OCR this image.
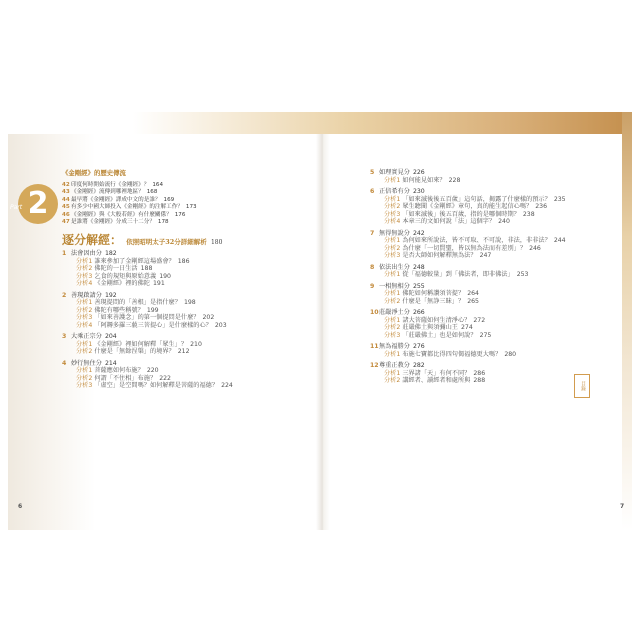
《金剛經》的歷史傳流
42印度何時開始流行《金剛經》？ 164
43《金剛經》流傳到哪裡地區？ 168
44最早將《金剛經》譯成中文的是誰？ 169
45有多少中國大師投入《金剛經》的注解工作？ 173
46《金剛經》與《大般若經》有什麼關係？ 176
47是誰將《金剛經》分成三十二分？ 178
逐分解經： 依照昭明太子32分詳細解析 180
1 法會因由分 182
分析1 誰來參加了金剛經這場盛會？ 186
分析2 佛陀的一日生活 188
分析3 乞食的規矩與原始意義 190
分析4 《金剛經》裡的佛陀 191
2 善現啟請分 192
分析1 善現提問的「善根」是指什麼？ 198
分析2 佛陀有哪些稱號？ 199
分析3 「如來善護念」的第一個提問是什麼？ 202
分析4 「阿耨多羅三藐三菩提心」是什麼樣的心？ 203
3 大乘正宗分 204
分析1 《金剛經》裡如何解釋「眾生」？ 210
分析2 什麼是「無餘涅槃」的境界？ 212
4 妙行無住分 214
分析1 菩薩應如何布施？ 220
分析2 何謂「不住相」布施？ 222
分析3 「虛空」是空間嗎？如何解釋是菩薩的福德？ 224
2
Part
5 如理實見分 226
分析1 如何能見如來？ 228
6 正信希有分 230
分析1 「如來滅後後五百歲」這句話，揭露了什麼樣的預示？ 235
分析2 眾生聽聞《金剛經》章句，真的能生起信心嗎？ 236
分析3 「如來滅後」後五百歲，指的是哪個時期？ 238
分析4 本章三的文如何說「法」這個字？ 240
7 無得無說分 242
分析1 為何如來所說法，皆不可取、不可說，非法，非非法？ 244
分析2 為什麼「一切賢聖，皆以無為法而有差別」？ 246
分析3 是否大師如何解釋無為法？ 247
8 依法出生分 248
分析1 從「福德較量」到「佛法者，即非佛法」 253
9 一相無相分 255
分析1 佛陀如何稱讚須菩提？ 264
分析2 什麼是「無諍三昧」？ 265
10莊嚴淨土分 266
分析1 諸大菩薩如何生清淨心？ 272
分析2 莊嚴佛土與須彌山王 274
分析3 「莊嚴佛土」也是如何說？ 275
11無為福勝分 276
分析1 布施七寶都比得四句偈福德更大嗎？ 280
12尊重正教分 282
分析1 三界諸「天」有何不同？ 286
分析2 講經者、讀經者和處所與 288
目錄
6	7
